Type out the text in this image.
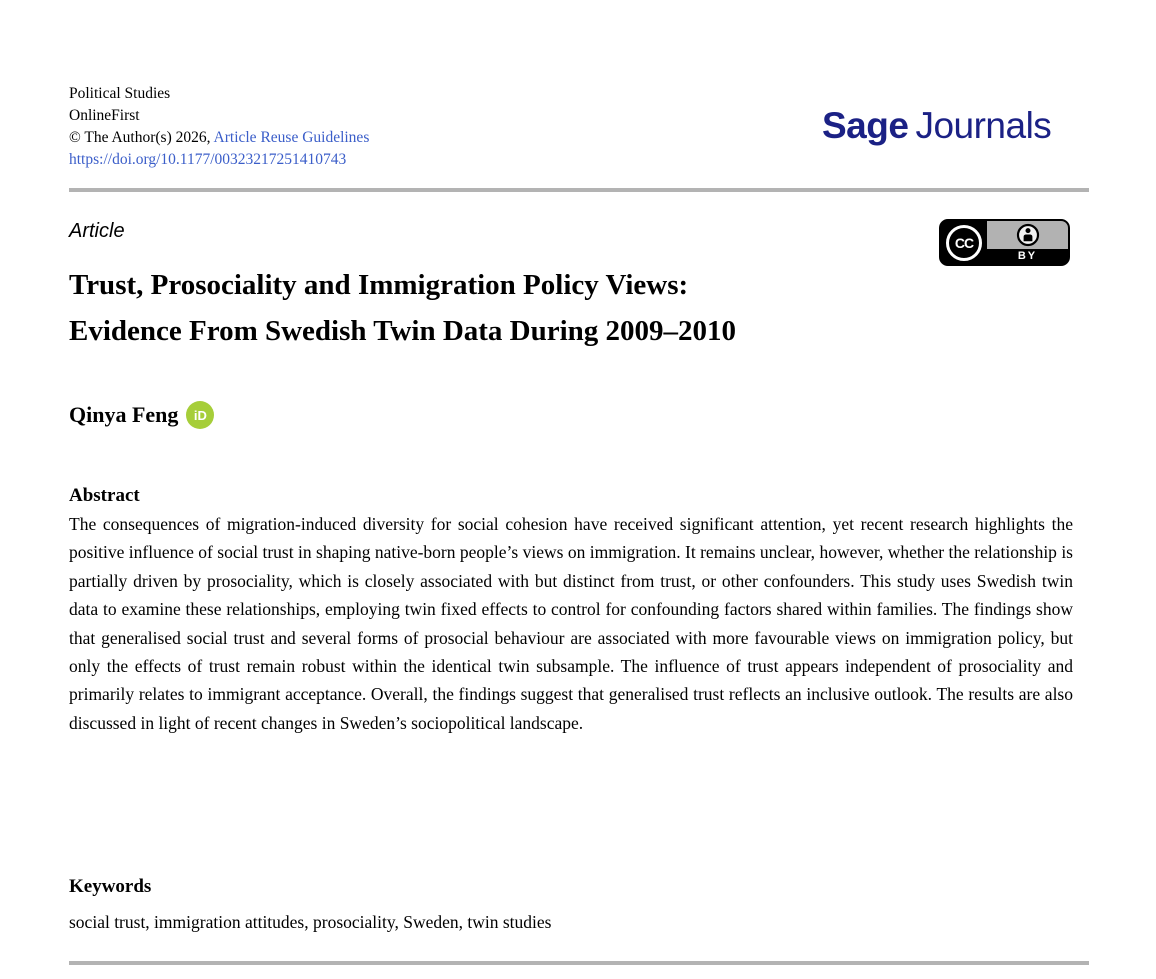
Political Studies
OnlineFirst
© The Author(s) 2026, Article Reuse Guidelines
https://doi.org/10.1177/00323217251410743
Sage Journals
Article
CC
BY
Trust, Prosociality and Immigration Policy Views:
Evidence From Swedish Twin Data During 2009–2010
Qinya Feng iD
Abstract

The consequences of migration-induced diversity for social cohesion have received significant attention, yet recent research highlights the positive influence of social trust in shaping native-born people’s views on immigration. It remains unclear, however, whether the relationship is partially driven by prosociality, which is closely associated with but distinct from trust, or other confounders. This study uses Swedish twin data to examine these relationships, employing twin fixed effects to control for confounding factors shared within families. The findings show that generalised social trust and several forms of prosocial behaviour are associated with more favourable views on immigration policy, but only the effects of trust remain robust within the identical twin subsample. The influence of trust appears independent of prosociality and primarily relates to immigrant acceptance. Overall, the findings suggest that generalised trust reflects an inclusive outlook. The results are also discussed in light of recent changes in Sweden’s sociopolitical landscape.

Keywords

social trust, immigration attitudes, prosociality, Sweden, twin studies
